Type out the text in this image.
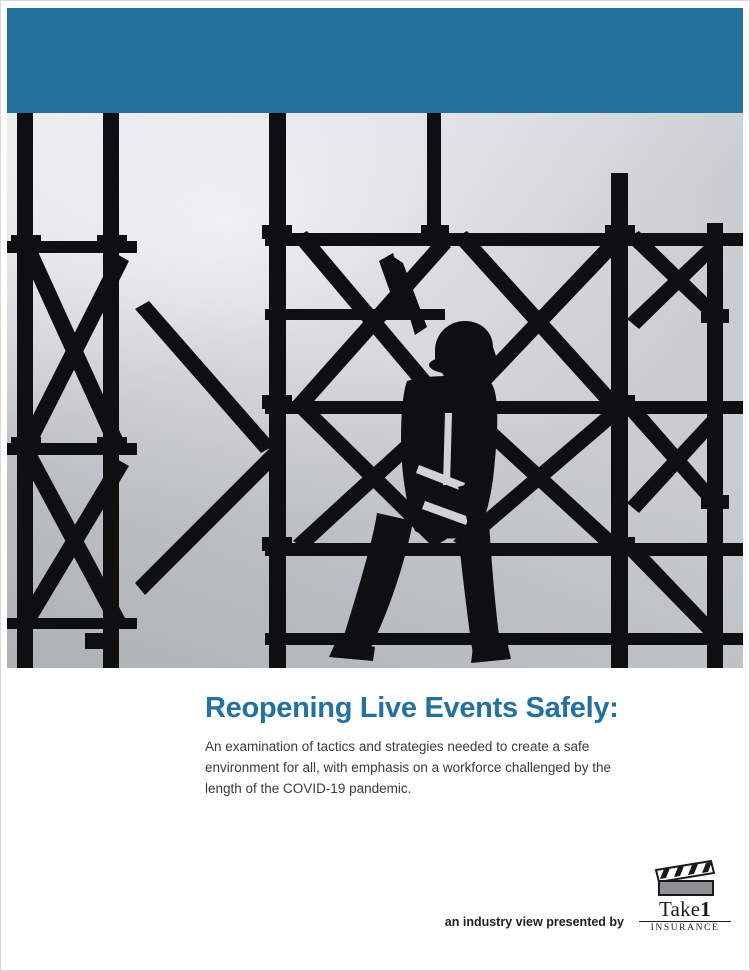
Reopening Live Events Safely:
An examination of tactics and strategies needed to create a safe environment for all, with emphasis on a workforce challenged by the length of the COVID-19 pandemic.
an industry view presented by
Take1
INSURANCE
